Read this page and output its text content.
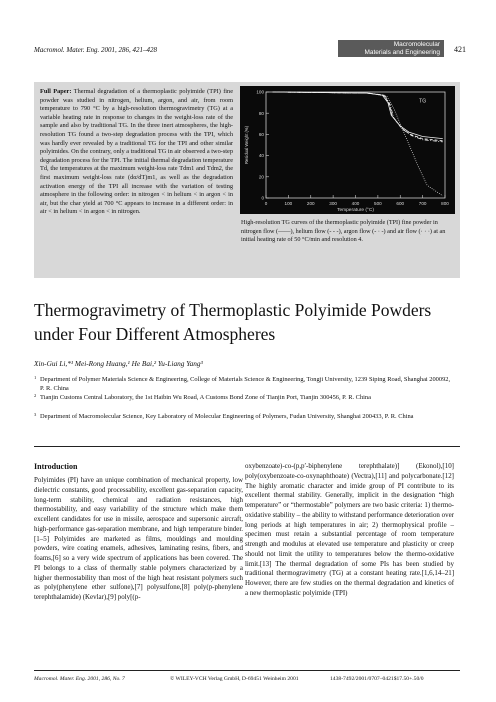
Macromol. Mater. Eng. 2001, 286, 421–428
Macromolecular
Materials and Engineering 421
Full Paper: Thermal degradation of a thermoplastic polyimide (TPI) fine powder was studied in nitrogen, helium, argon, and air, from room temperature to 790 °C by a high-resolution thermogravimetry (TG) at a variable heating rate in response to changes in the weight-loss rate of the sample and also by traditional TG. In the three inert atmospheres, the high-resolution TG found a two-step degradation process with the TPI, which was hardly ever revealed by a traditional TG for the TPI and other similar polyimides. On the contrary, only a traditional TG in air observed a two-step degradation process for the TPI. The initial thermal degradation temperature Td, the temperatures at the maximum weight-loss rate Tdm1 and Tdm2, the first maximum weight-loss rate (dα/dT)m1, as well as the degradation activation energy of the TPI all increase with the variation of testing atmosphere in the following order: in nitrogen < in helium < in argon < in air, but the char yield at 700 °C appears to increase in a different order: in air < in helium < in argon < in nitrogen.
0	100	200	300	400	500	600	700	800
0
20
40
60
80
100
Temperature (°C)
Residual Weight (%)
TG
High-resolution TG curves of the thermoplastic polyimide (TPI) fine powder in nitrogen flow (——), helium flow (- - -), argon flow (- · -) and air flow (· · ·) at an initial heating rate of 50 °C/min and resolution 4.
Thermogravimetry of Thermoplastic Polyimide Powders
under Four Different Atmospheres
Xin-Gui Li,*¹ Mei-Rong Huang,¹ He Bai,² Yu-Liang Yang³
1 Department of Polymer Materials Science & Engineering, College of Materials Science & Engineering, Tongji University, 1239 Siping Road, Shanghai 200092, P. R. China
2 Tianjin Customs Central Laboratory, the 1st Haibin Wu Road, A Customs Bond Zone of Tianjin Port, Tianjin 300456, P. R. China
3 Department of Macromolecular Science, Key Laboratory of Molecular Engineering of Polymers, Fudan University, Shanghai 200433, P. R. China
Introduction
Polyimides (PI) have an unique combination of mechanical property, low dielectric constants, good processability, excellent gas-separation capacity, long-term stability, chemical and radiation resistances, high thermostability, and easy variability of the structure which make them excellent candidates for use in missile, aerospace and supersonic aircraft, high-performance gas-separation membrane, and high temperature binder.[1–5] Polyimides are marketed as films, mouldings and moulding powders, wire coating enamels, adhesives, laminating resins, fibers, and foams,[6] so a very wide spectrum of applications has been covered. The PI belongs to a class of thermally stable polymers characterized by a higher thermostability than most of the high heat resistant polymers such as poly(phenylene ether sulfone),[7] polysulfone,[8] poly(p-phenylene terephthalamide) (Kevlar),[9] poly[(p-
oxybenzoate)-co-(p,p′-biphenylene terephthalate)] (Ekonol),[10] poly(oxybenzoate-co-oxynaphthoate) (Vectra),[11] and polycarbonate.[12] The highly aromatic character and imide group of PI contribute to its excellent thermal stability. Generally, implicit in the designation “high temperature” or “thermostable” polymers are two basic criteria: 1) thermo-oxidative stability – the ability to withstand performance deterioration over long periods at high temperatures in air; 2) thermophysical profile – specimen must retain a substantial percentage of room temperature strength and modulus at elevated use temperature and plasticity or creep should not limit the utility to temperatures below the thermo-oxidative limit.[13] The thermal degradation of some PIs has been studied by traditional thermogravimetry (TG) at a constant heating rate.[1,6,14–21] However, there are few studies on the thermal degradation and kinetics of a new thermoplastic polyimide (TPI)
Macromol. Mater. Eng. 2001, 286, No. 7	© WILEY-VCH Verlag GmbH, D-69451 Weinheim 2001	1438-7492/2001/0707–0421$17.50+.50/0
